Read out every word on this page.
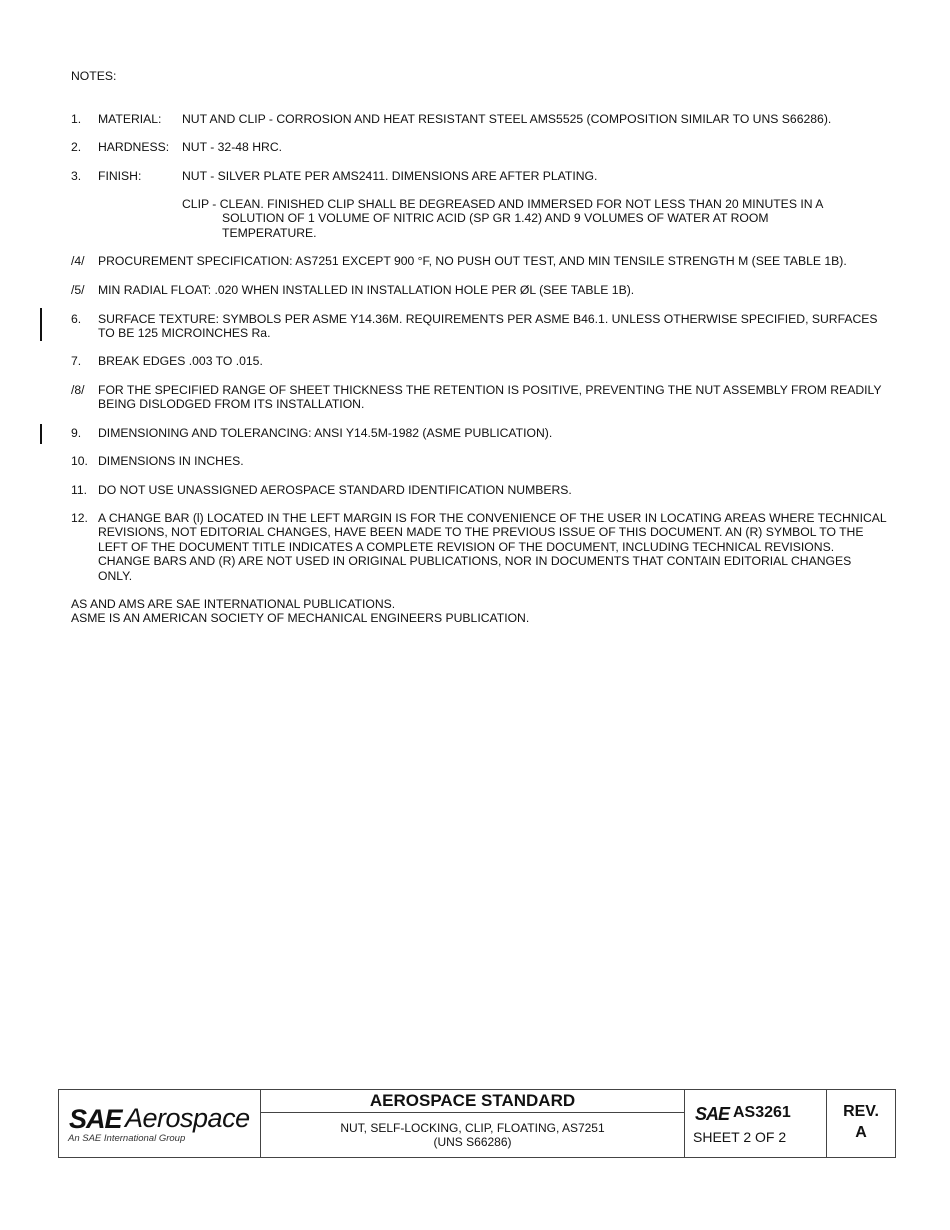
NOTES:
1. MATERIAL: NUT AND CLIP - CORROSION AND HEAT RESISTANT STEEL AMS5525 (COMPOSITION SIMILAR TO UNS S66286).
2. HARDNESS: NUT - 32-48 HRC.
3. FINISH:	NUT - SILVER PLATE PER AMS2411. DIMENSIONS ARE AFTER PLATING.
CLIP - CLEAN. FINISHED CLIP SHALL BE DEGREASED AND IMMERSED FOR NOT LESS THAN 20 MINUTES IN A
SOLUTION OF 1 VOLUME OF NITRIC ACID (SP GR 1.42) AND 9 VOLUMES OF WATER AT ROOM TEMPERATURE.
/4/ PROCUREMENT SPECIFICATION: AS7251 EXCEPT 900 °F, NO PUSH OUT TEST, AND MIN TENSILE STRENGTH M (SEE TABLE 1B).
/5/ MIN RADIAL FLOAT: .020 WHEN INSTALLED IN INSTALLATION HOLE PER ØL (SEE TABLE 1B).
6. SURFACE TEXTURE: SYMBOLS PER ASME Y14.36M. REQUIREMENTS PER ASME B46.1. UNLESS OTHERWISE SPECIFIED, SURFACES TO BE 125 MICROINCHES Ra.
7. BREAK EDGES .003 TO .015.
/8/ FOR THE SPECIFIED RANGE OF SHEET THICKNESS THE RETENTION IS POSITIVE, PREVENTING THE NUT ASSEMBLY FROM READILY BEING DISLODGED FROM ITS INSTALLATION.
9. DIMENSIONING AND TOLERANCING: ANSI Y14.5M-1982 (ASME PUBLICATION).
10. DIMENSIONS IN INCHES.
11. DO NOT USE UNASSIGNED AEROSPACE STANDARD IDENTIFICATION NUMBERS.
12. A CHANGE BAR (l) LOCATED IN THE LEFT MARGIN IS FOR THE CONVENIENCE OF THE USER IN LOCATING AREAS WHERE TECHNICAL REVISIONS, NOT EDITORIAL CHANGES, HAVE BEEN MADE TO THE PREVIOUS ISSUE OF THIS DOCUMENT. AN (R) SYMBOL TO THE LEFT OF THE DOCUMENT TITLE INDICATES A COMPLETE REVISION OF THE DOCUMENT, INCLUDING TECHNICAL REVISIONS. CHANGE BARS AND (R) ARE NOT USED IN ORIGINAL PUBLICATIONS, NOR IN DOCUMENTS THAT CONTAIN EDITORIAL CHANGES ONLY.
AS AND AMS ARE SAE INTERNATIONAL PUBLICATIONS.
ASME IS AN AMERICAN SOCIETY OF MECHANICAL ENGINEERS PUBLICATION.
SAE Aerospace
An SAE International Group
AEROSPACE STANDARD
NUT, SELF-LOCKING, CLIP, FLOATING, AS7251
(UNS S66286)
SAE AS3261
SHEET 2 OF 2
REV.
A
